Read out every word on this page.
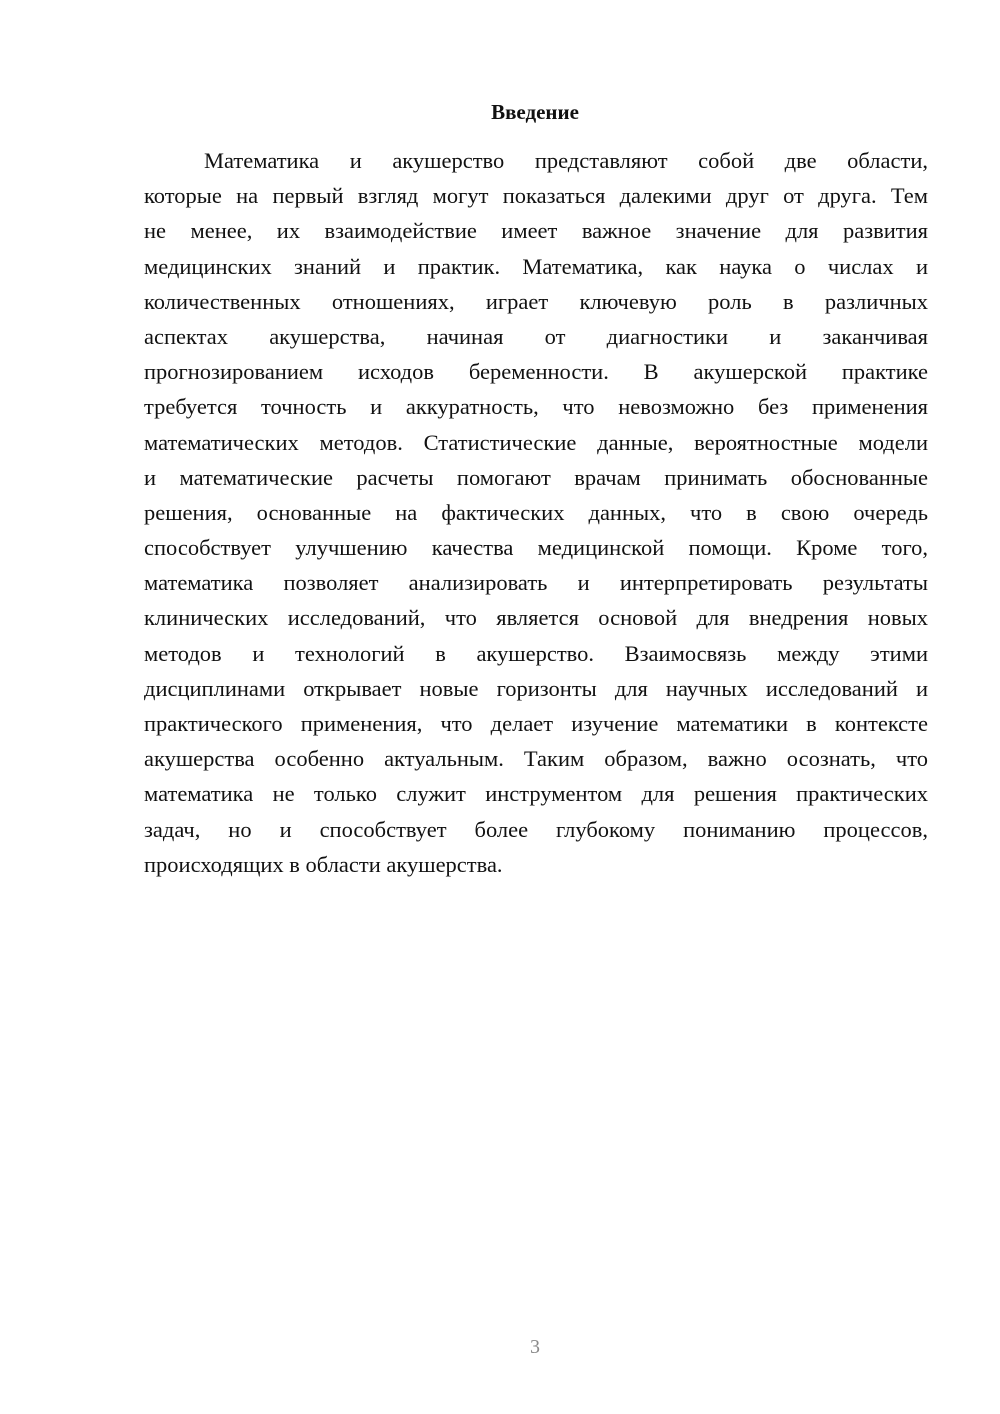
Введение
Математика и акушерство представляют собой две области,
которые на первый взгляд могут показаться далекими друг от друга. Тем
не менее, их взаимодействие имеет важное значение для развития
медицинских знаний и практик. Математика, как наука о числах и
количественных отношениях, играет ключевую роль в различных
аспектах акушерства, начиная от диагностики и заканчивая
прогнозированием исходов беременности. В акушерской практике
требуется точность и аккуратность, что невозможно без применения
математических методов. Статистические данные, вероятностные модели
и математические расчеты помогают врачам принимать обоснованные
решения, основанные на фактических данных, что в свою очередь
способствует улучшению качества медицинской помощи. Кроме того,
математика позволяет анализировать и интерпретировать результаты
клинических исследований, что является основой для внедрения новых
методов и технологий в акушерство. Взаимосвязь между этими
дисциплинами открывает новые горизонты для научных исследований и
практического применения, что делает изучение математики в контексте
акушерства особенно актуальным. Таким образом, важно осознать, что
математика не только служит инструментом для решения практических
задач, но и способствует более глубокому пониманию процессов,
происходящих в области акушерства.
3
